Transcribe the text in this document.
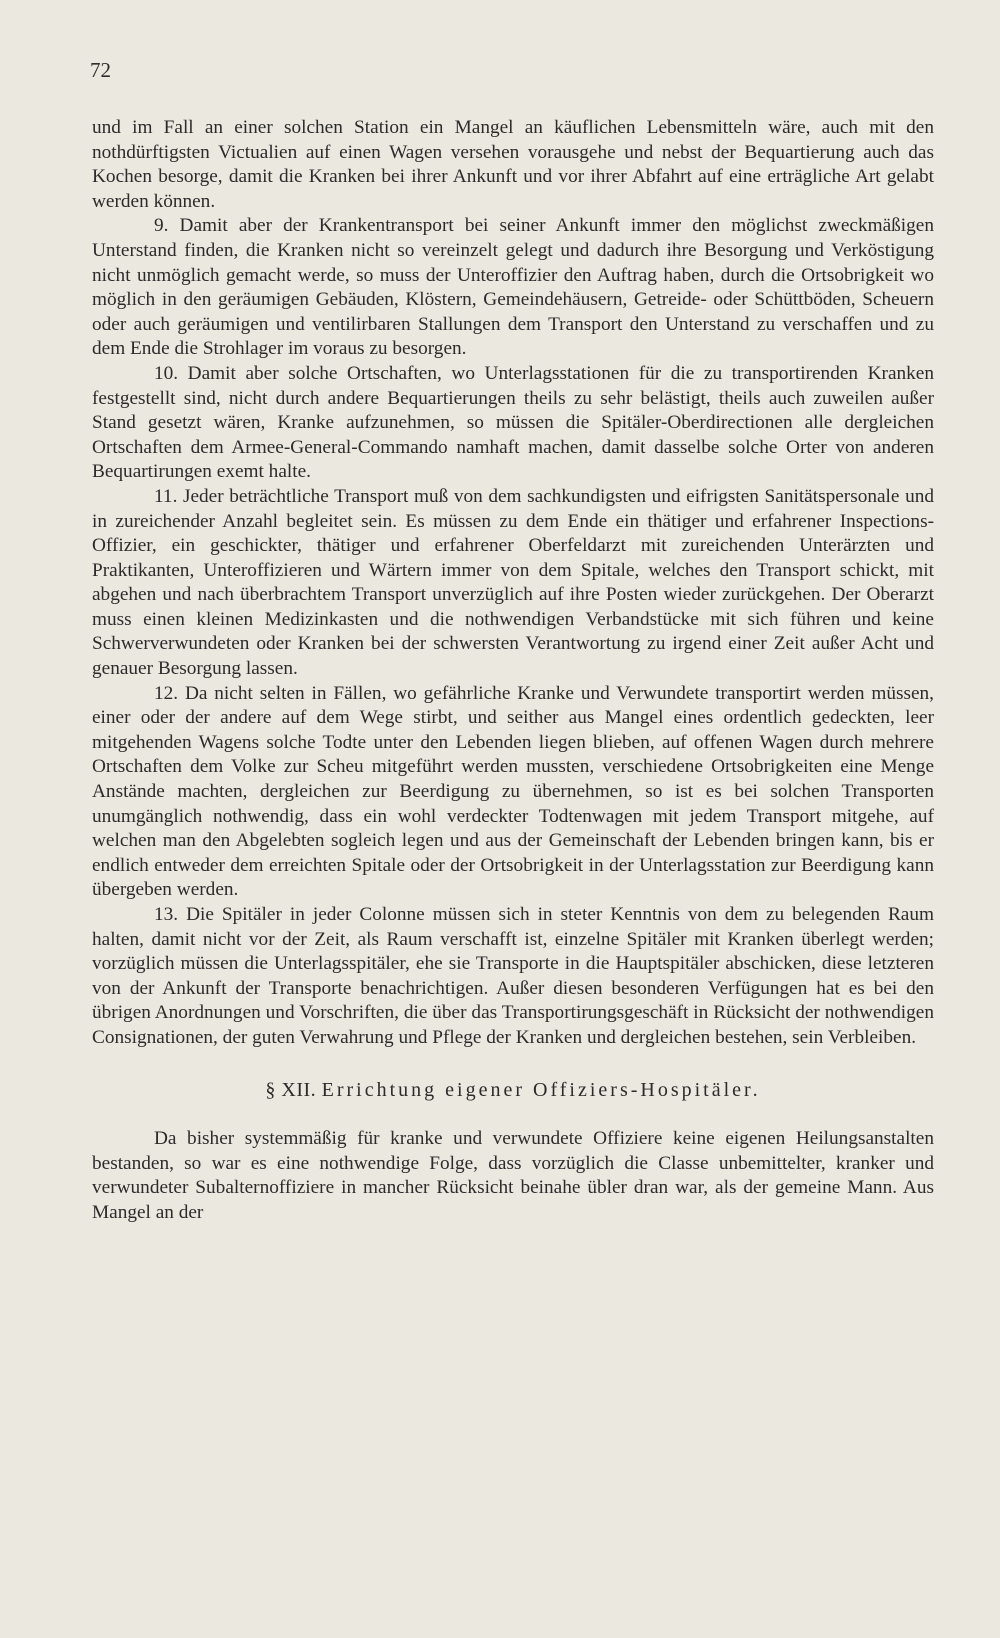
72

und im Fall an einer solchen Station ein Mangel an käuflichen Lebensmitteln wäre, auch mit den nothdürftigsten Victualien auf einen Wagen versehen vorausgehe und nebst der Bequartierung auch das Kochen besorge, damit die Kranken bei ihrer Ankunft und vor ihrer Abfahrt auf eine erträgliche Art gelabt werden können.

9. Damit aber der Krankentransport bei seiner Ankunft immer den möglichst zweckmäßigen Unterstand finden, die Kranken nicht so vereinzelt gelegt und dadurch ihre Besorgung und Verköstigung nicht unmöglich gemacht werde, so muss der Unteroffizier den Auftrag haben, durch die Ortsobrigkeit wo möglich in den geräumigen Gebäuden, Klöstern, Gemeindehäusern, Getreide- oder Schüttböden, Scheuern oder auch geräumigen und ventilirbaren Stallungen dem Transport den Unterstand zu verschaffen und zu dem Ende die Strohlager im voraus zu besorgen.

10. Damit aber solche Ortschaften, wo Unterlagsstationen für die zu transportirenden Kranken festgestellt sind, nicht durch andere Bequartierungen theils zu sehr belästigt, theils auch zuweilen außer Stand gesetzt wären, Kranke aufzunehmen, so müssen die Spitäler-Oberdirectionen alle dergleichen Ortschaften dem Armee-General-Commando namhaft machen, damit dasselbe solche Orter von anderen Bequartirungen exemt halte.

11. Jeder beträchtliche Transport muß von dem sachkundigsten und eifrigsten Sanitätspersonale und in zureichender Anzahl begleitet sein. Es müssen zu dem Ende ein thätiger und erfahrener Inspections-Offizier, ein geschickter, thätiger und erfahrener Oberfeldarzt mit zureichenden Unterärzten und Praktikanten, Unteroffizieren und Wärtern immer von dem Spitale, welches den Transport schickt, mit abgehen und nach überbrachtem Transport unverzüglich auf ihre Posten wieder zurückgehen. Der Oberarzt muss einen kleinen Medizinkasten und die nothwendigen Verbandstücke mit sich führen und keine Schwerverwundeten oder Kranken bei der schwersten Verantwortung zu irgend einer Zeit außer Acht und genauer Besorgung lassen.

12. Da nicht selten in Fällen, wo gefährliche Kranke und Verwundete transportirt werden müssen, einer oder der andere auf dem Wege stirbt, und seither aus Mangel eines ordentlich gedeckten, leer mitgehenden Wagens solche Todte unter den Lebenden liegen blieben, auf offenen Wagen durch mehrere Ortschaften dem Volke zur Scheu mitgeführt werden mussten, verschiedene Ortsobrigkeiten eine Menge Anstände machten, dergleichen zur Beerdigung zu übernehmen, so ist es bei solchen Transporten unumgänglich nothwendig, dass ein wohl verdeckter Todtenwagen mit jedem Transport mitgehe, auf welchen man den Abgelebten sogleich legen und aus der Gemeinschaft der Lebenden bringen kann, bis er endlich entweder dem erreichten Spitale oder der Ortsobrigkeit in der Unterlagsstation zur Beerdigung kann übergeben werden.

13. Die Spitäler in jeder Colonne müssen sich in steter Kenntnis von dem zu belegenden Raum halten, damit nicht vor der Zeit, als Raum verschafft ist, einzelne Spitäler mit Kranken überlegt werden; vorzüglich müssen die Unterlagsspitäler, ehe sie Transporte in die Hauptspitäler abschicken, diese letzteren von der Ankunft der Transporte benachrichtigen. Außer diesen besonderen Verfügungen hat es bei den übrigen Anordnungen und Vorschriften, die über das Transportirungsgeschäft in Rücksicht der nothwendigen Consignationen, der guten Verwahrung und Pflege der Kranken und dergleichen bestehen, sein Verbleiben.

§ XII. Errichtung eigener Offiziers-Hospitäler.

Da bisher systemmäßig für kranke und verwundete Offiziere keine eigenen Heilungsanstalten bestanden, so war es eine nothwendige Folge, dass vorzüglich die Classe unbemittelter, kranker und verwundeter Subalternoffiziere in mancher Rücksicht beinahe übler dran war, als der gemeine Mann. Aus Mangel an der
